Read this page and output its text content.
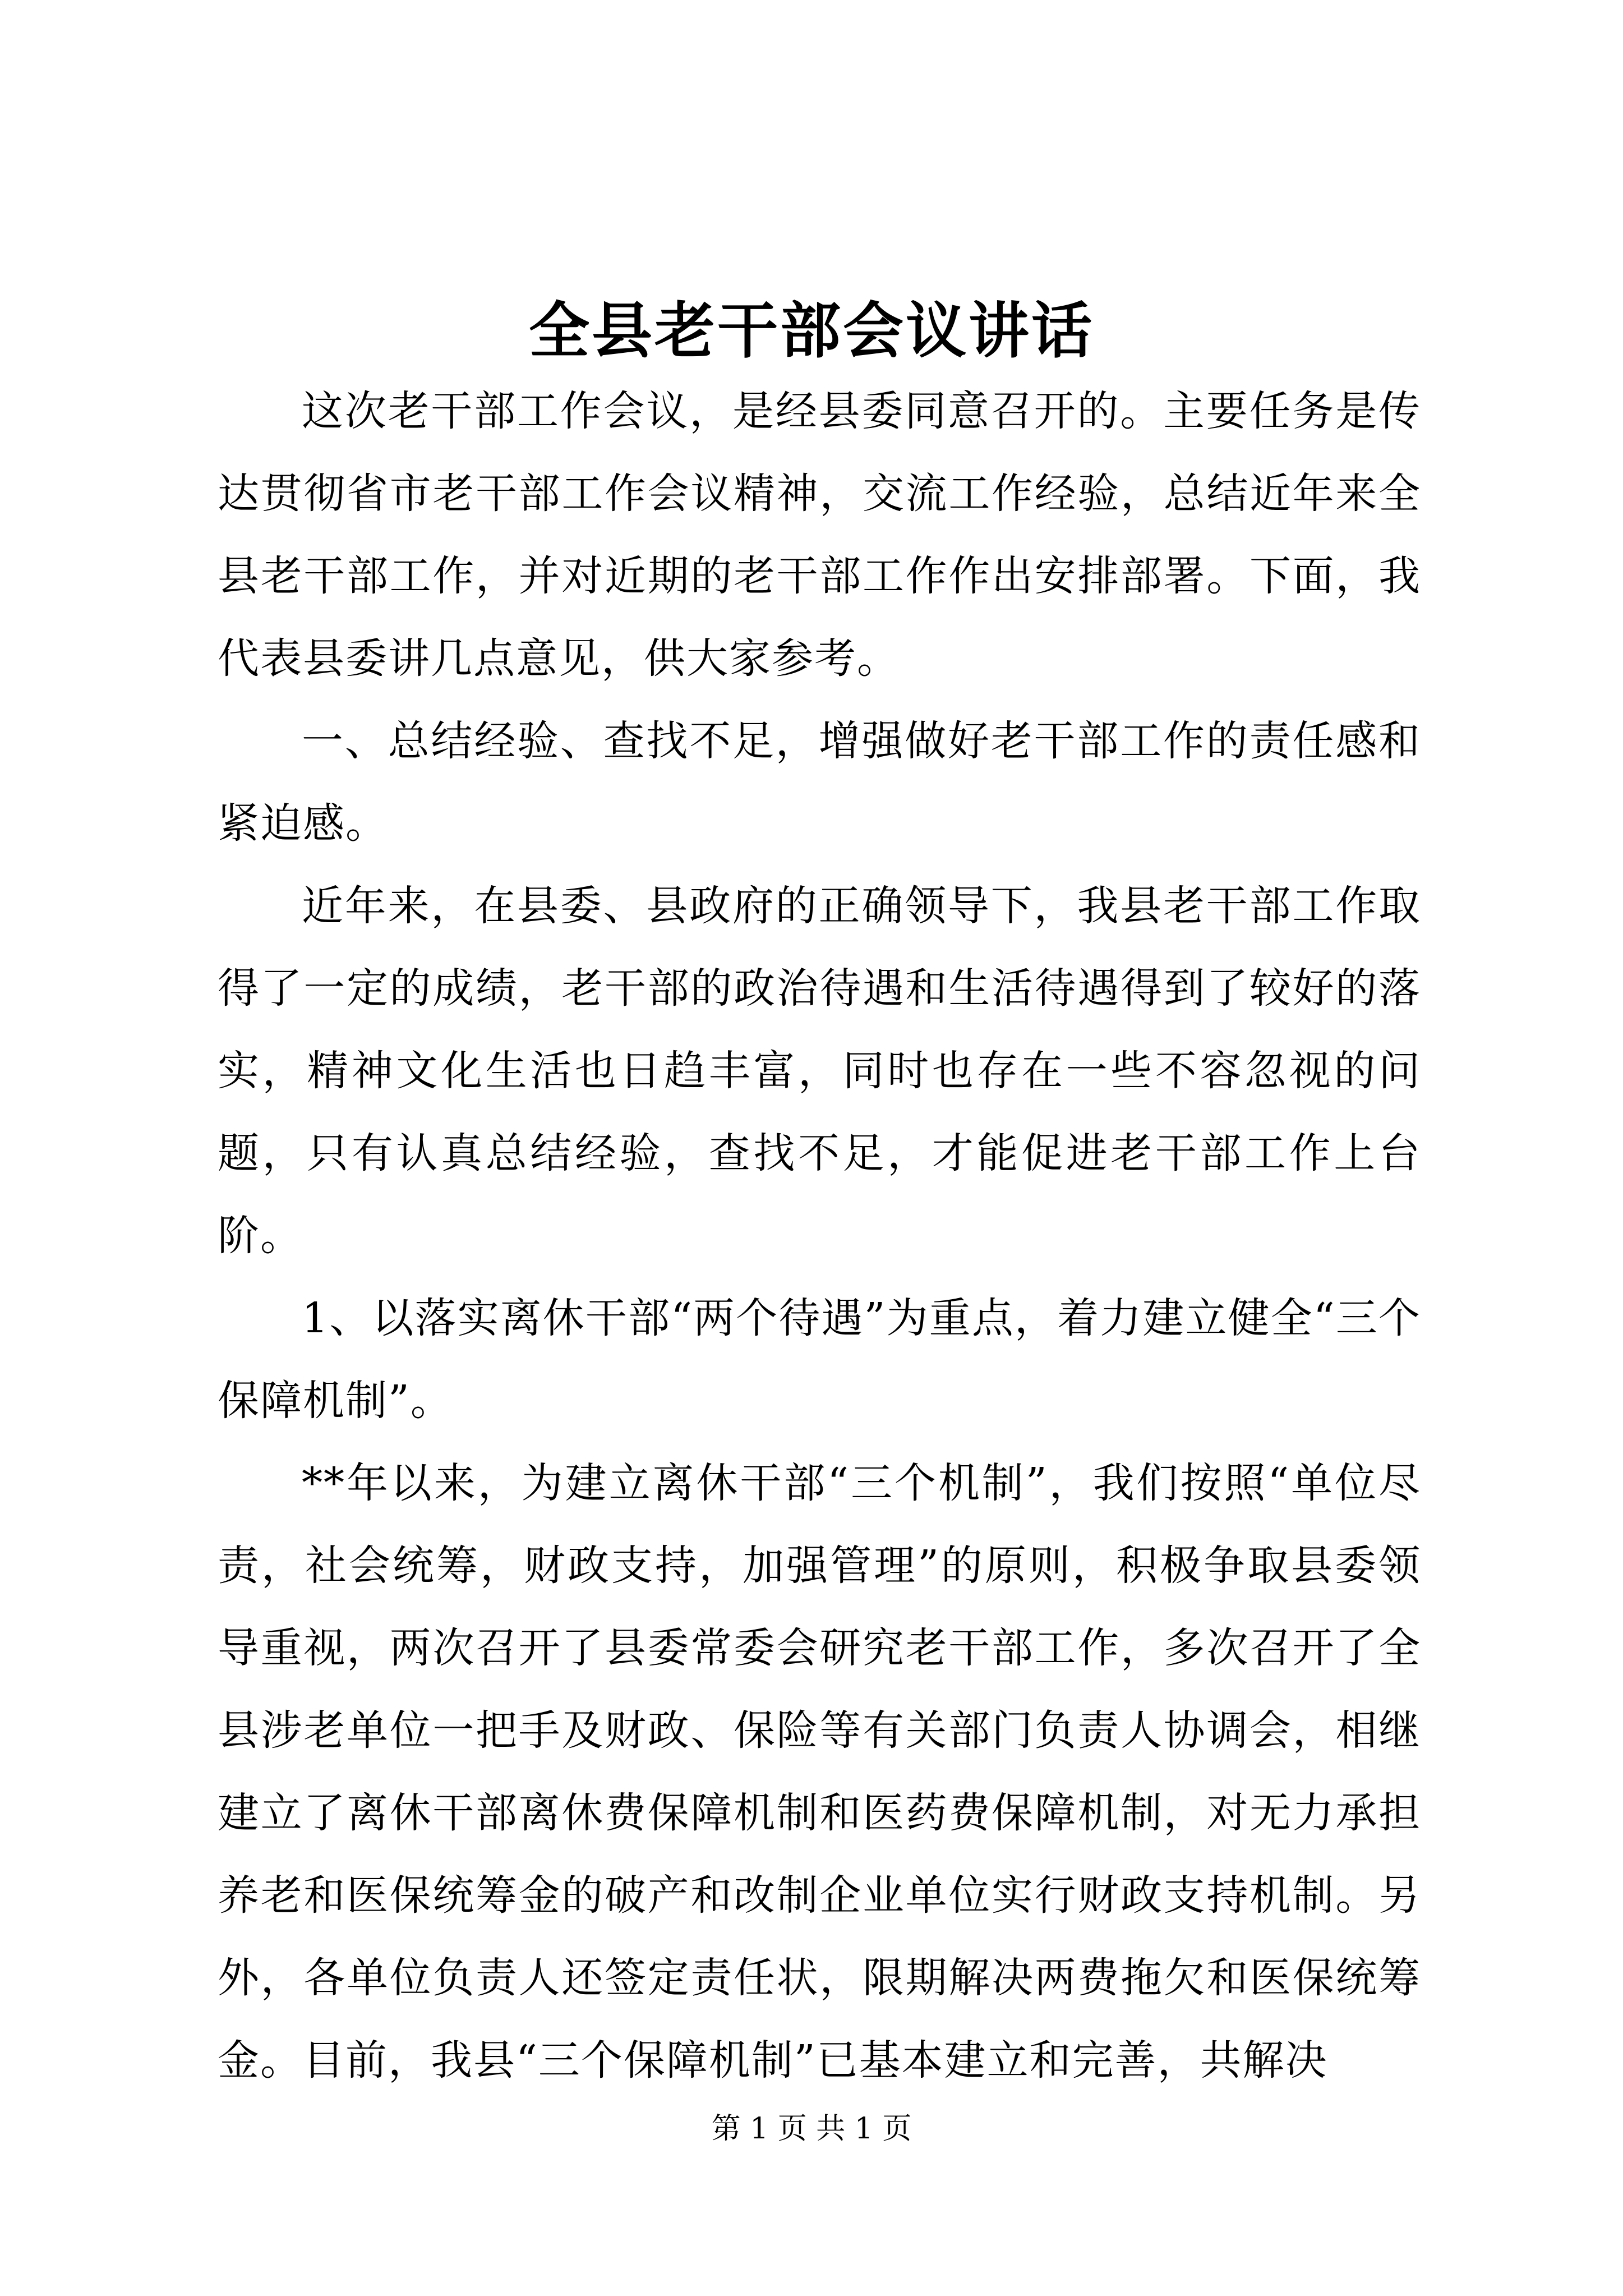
全县老干部会议讲话

这次老干部工作会议，是经县委同意召开的。主要任务是传达贯彻省市老干部工作会议精神，交流工作经验，总结近年来全县老干部工作，并对近期的老干部工作作出安排部署。下面，我代表县委讲几点意见，供大家参考。

一、总结经验、查找不足，增强做好老干部工作的责任感和紧迫感。

近年来，在县委、县政府的正确领导下，我县老干部工作取得了一定的成绩，老干部的政治待遇和生活待遇得到了较好的落实，精神文化生活也日趋丰富，同时也存在一些不容忽视的问题，只有认真总结经验，查找不足，才能促进老干部工作上台阶。

1、以落实离休干部“两个待遇”为重点，着力建立健全“三个保障机制”。

**年以来，为建立离休干部“三个机制”，我们按照“单位尽责，社会统筹，财政支持，加强管理”的原则，积极争取县委领导重视，两次召开了县委常委会研究老干部工作，多次召开了全县涉老单位一把手及财政、保险等有关部门负责人协调会，相继建立了离休干部离休费保障机制和医药费保障机制，对无力承担养老和医保统筹金的破产和改制企业单位实行财政支持机制。另外，各单位负责人还签定责任状，限期解决两费拖欠和医保统筹金。目前，我县“三个保障机制”已基本建立和完善，共解决

第 1 页 共 1 页
